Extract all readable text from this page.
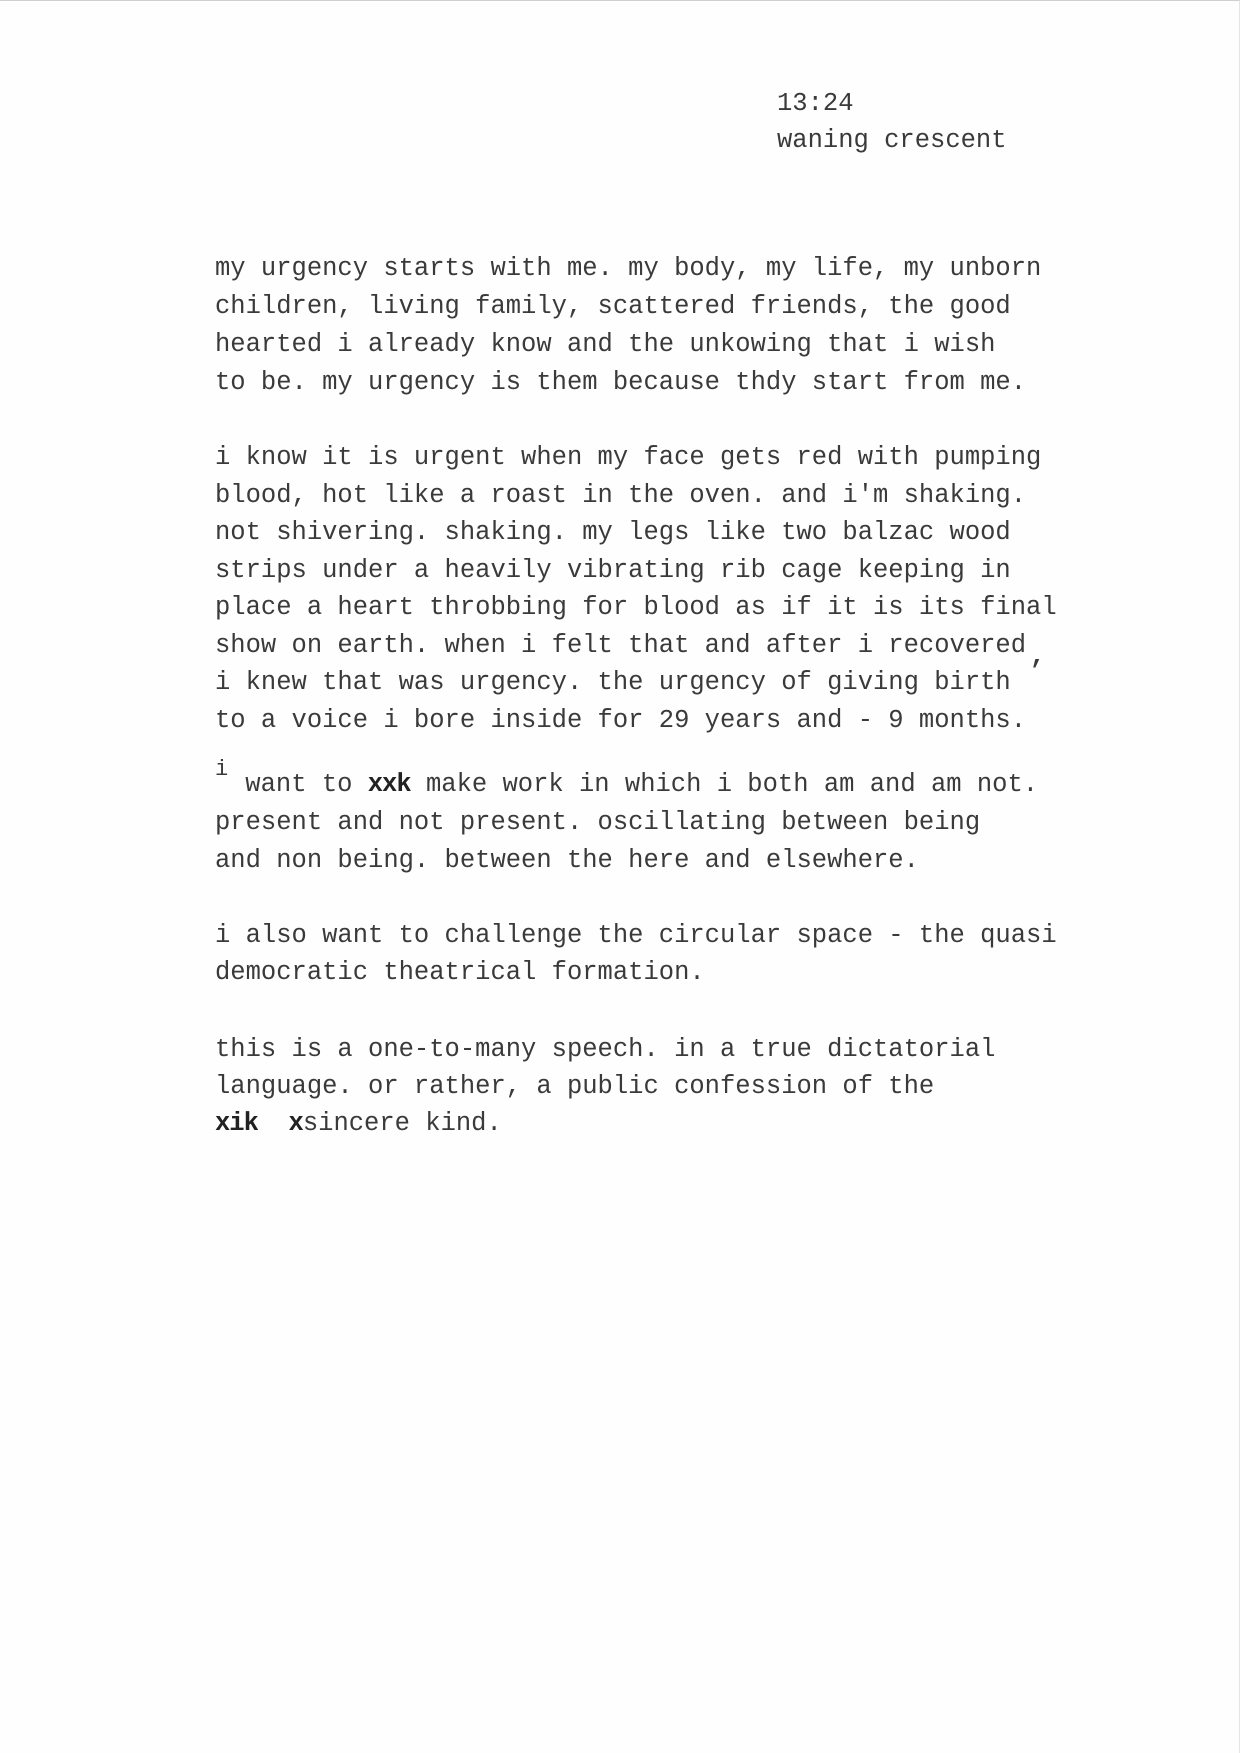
13:24
waning crescent
my urgency starts with me. my body, my life, my unborn
children, living family, scattered friends, the good
hearted i already know and the unkowing that i wish
to be. my urgency is them because thdy start from me.
i know it is urgent when my face gets red with pumping
blood, hot like a roast in the oven. and i'm shaking.
not shivering. shaking. my legs like two balzac wood
strips under a heavily vibrating rib cage keeping in
place a heart throbbing for blood as if it is its final
show on earth. when i felt that and after i recovered
i knew that was urgency. the urgency of giving birth
to a voice i bore inside for 29 years and - 9 months.
,
i
want to xxk make work in which i both am and am not.
present and not present. oscillating between being
and non being. between the here and elsewhere.
i also want to challenge the circular space - the quasi
democratic theatrical formation.
this is a one-to-many speech. in a true dictatorial
language. or rather, a public confession of the
xik xsincere kind.
